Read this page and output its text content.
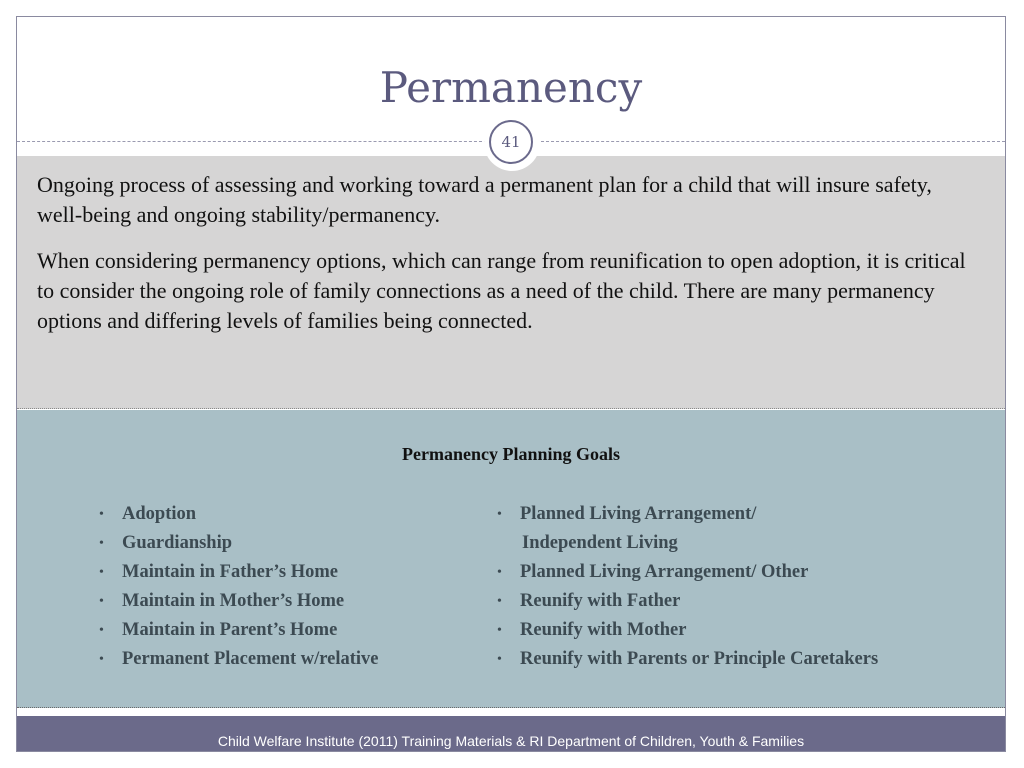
Permanency
41

Ongoing process of assessing and working toward a permanent plan for a child that will insure safety, well-being and ongoing stability/permanency.

When considering permanency options, which can range from reunification to open adoption, it is critical to consider the ongoing role of family connections as a need of the child. There are many permanency options and differing levels of families being connected.

Permanency Planning Goals
• Adoption
• Guardianship
• Maintain in Father’s Home
• Maintain in Mother’s Home
• Maintain in Parent’s Home
• Permanent Placement w/relative
• Planned Living Arrangement/
Independent Living
• Planned Living Arrangement/ Other
• Reunify with Father
• Reunify with Mother
• Reunify with Parents or Principle Caretakers
Child Welfare Institute (2011) Training Materials & RI Department of Children, Youth & Families
